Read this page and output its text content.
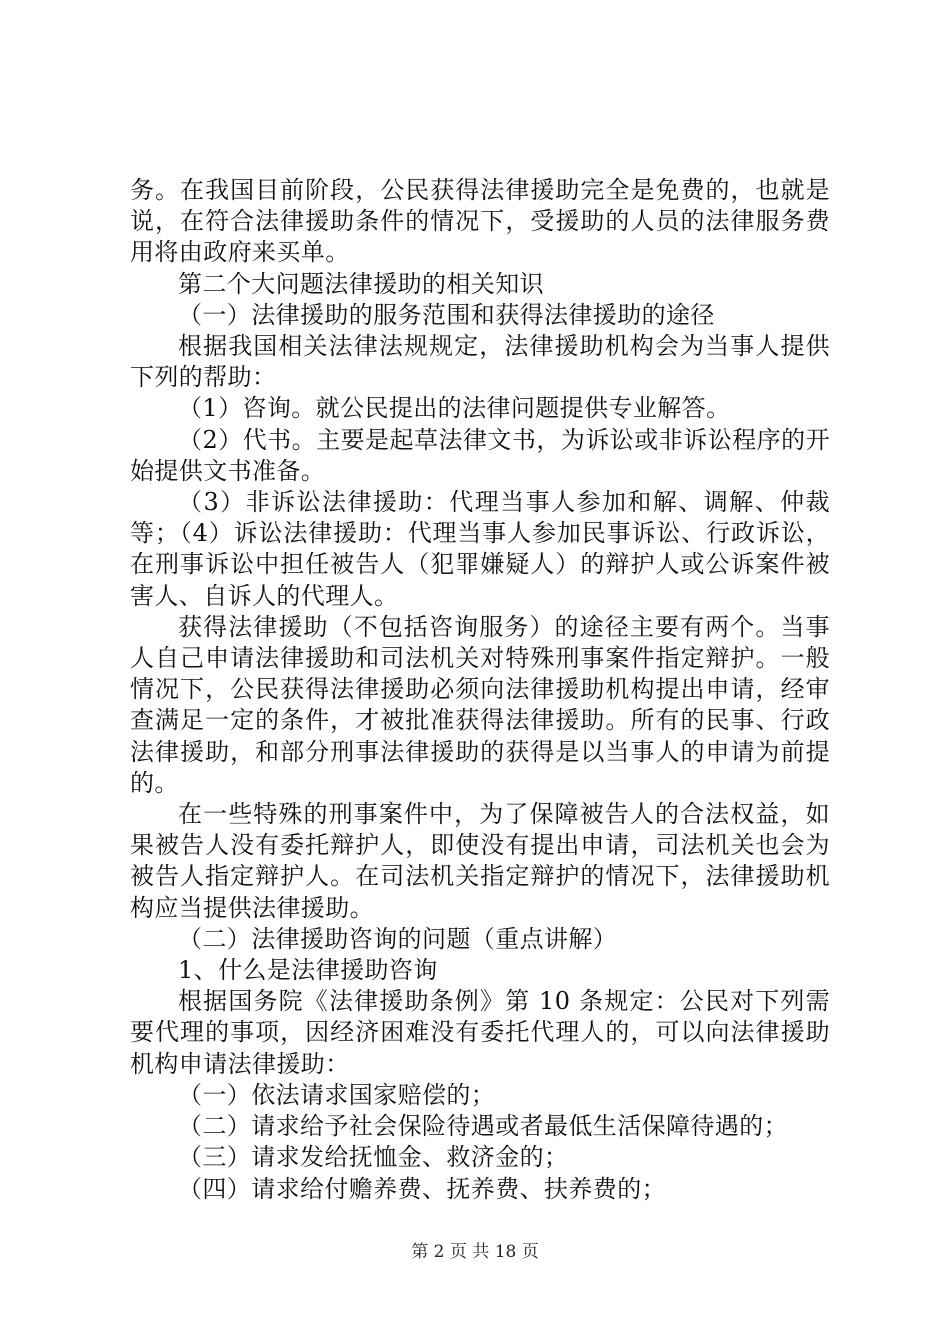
务。在我国目前阶段，公民获得法律援助完全是免费的，也就是说，在符合法律援助条件的情况下，受援助的人员的法律服务费用将由政府来买单。

第二个大问题法律援助的相关知识

（一）法律援助的服务范围和获得法律援助的途径

根据我国相关法律法规规定，法律援助机构会为当事人提供下列的帮助：

（1）咨询。就公民提出的法律问题提供专业解答。

（2）代书。主要是起草法律文书，为诉讼或非诉讼程序的开始提供文书准备。

（3）非诉讼法律援助：代理当事人参加和解、调解、仲裁等；（4）诉讼法律援助：代理当事人参加民事诉讼、行政诉讼，在刑事诉讼中担任被告人（犯罪嫌疑人）的辩护人或公诉案件被害人、自诉人的代理人。

获得法律援助（不包括咨询服务）的途径主要有两个。当事人自己申请法律援助和司法机关对特殊刑事案件指定辩护。一般情况下，公民获得法律援助必须向法律援助机构提出申请，经审查满足一定的条件，才被批准获得法律援助。所有的民事、行政法律援助，和部分刑事法律援助的获得是以当事人的申请为前提的。

在一些特殊的刑事案件中，为了保障被告人的合法权益，如果被告人没有委托辩护人，即使没有提出申请，司法机关也会为被告人指定辩护人。在司法机关指定辩护的情况下，法律援助机构应当提供法律援助。

（二）法律援助咨询的问题（重点讲解）

1、什么是法律援助咨询

根据国务院《法律援助条例》第 10 条规定：公民对下列需要代理的事项，因经济困难没有委托代理人的，可以向法律援助机构申请法律援助：

（一）依法请求国家赔偿的；

（二）请求给予社会保险待遇或者最低生活保障待遇的；

（三）请求发给抚恤金、救济金的；

（四）请求给付赡养费、抚养费、扶养费的；

第 2 页 共 18 页
